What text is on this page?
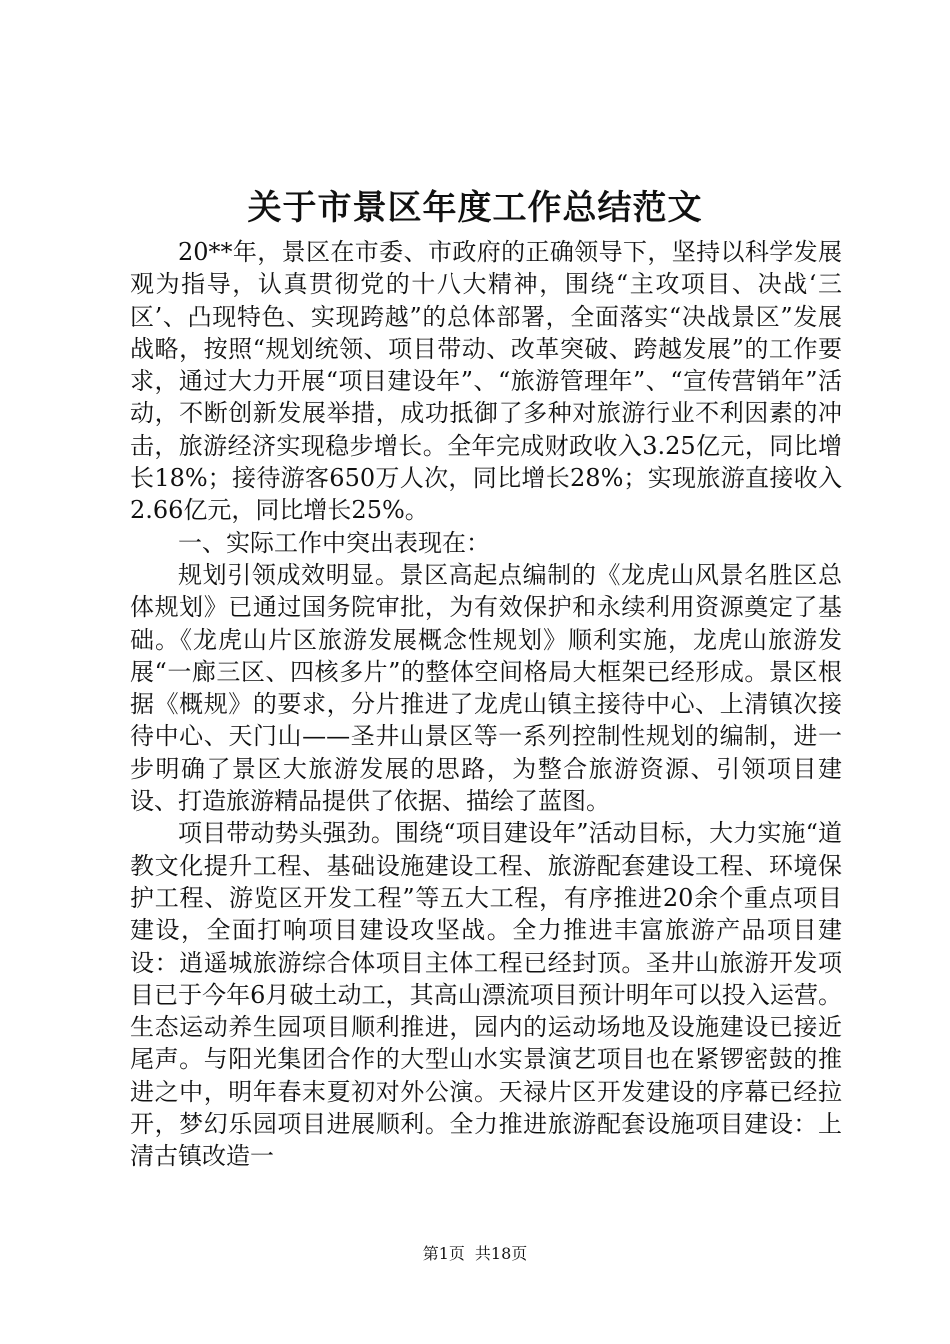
关于市景区年度工作总结范文

20**年，景区在市委、市政府的正确领导下，坚持以科学发展观为指导，认真贯彻党的十八大精神，围绕“主攻项目、决战‘三区’、凸现特色、实现跨越”的总体部署，全面落实“决战景区”发展战略，按照“规划统领、项目带动、改革突破、跨越发展”的工作要求，通过大力开展“项目建设年”、“旅游管理年”、“宣传营销年”活动，不断创新发展举措，成功抵御了多种对旅游行业不利因素的冲击，旅游经济实现稳步增长。全年完成财政收入3.25亿元，同比增长18%；接待游客650万人次，同比增长28%；实现旅游直接收入2.66亿元，同比增长25%。

一、实际工作中突出表现在：

规划引领成效明显。景区高起点编制的《龙虎山风景名胜区总体规划》已通过国务院审批，为有效保护和永续利用资源奠定了基础。《龙虎山片区旅游发展概念性规划》顺利实施，龙虎山旅游发展“一廊三区、四核多片”的整体空间格局大框架已经形成。景区根据《概规》的要求，分片推进了龙虎山镇主接待中心、上清镇次接待中心、天门山——圣井山景区等一系列控制性规划的编制，进一步明确了景区大旅游发展的思路，为整合旅游资源、引领项目建设、打造旅游精品提供了依据、描绘了蓝图。

项目带动势头强劲。围绕“项目建设年”活动目标，大力实施“道教文化提升工程、基础设施建设工程、旅游配套建设工程、环境保护工程、游览区开发工程”等五大工程，有序推进20余个重点项目建设，全面打响项目建设攻坚战。全力推进丰富旅游产品项目建设：逍遥城旅游综合体项目主体工程已经封顶。圣井山旅游开发项目已于今年6月破土动工，其高山漂流项目预计明年可以投入运营。生态运动养生园项目顺利推进，园内的运动场地及设施建设已接近尾声。与阳光集团合作的大型山水实景演艺项目也在紧锣密鼓的推进之中，明年春末夏初对外公演。天禄片区开发建设的序幕已经拉开，梦幻乐园项目进展顺利。全力推进旅游配套设施项目建设：上清古镇改造一

第1页 共18页
